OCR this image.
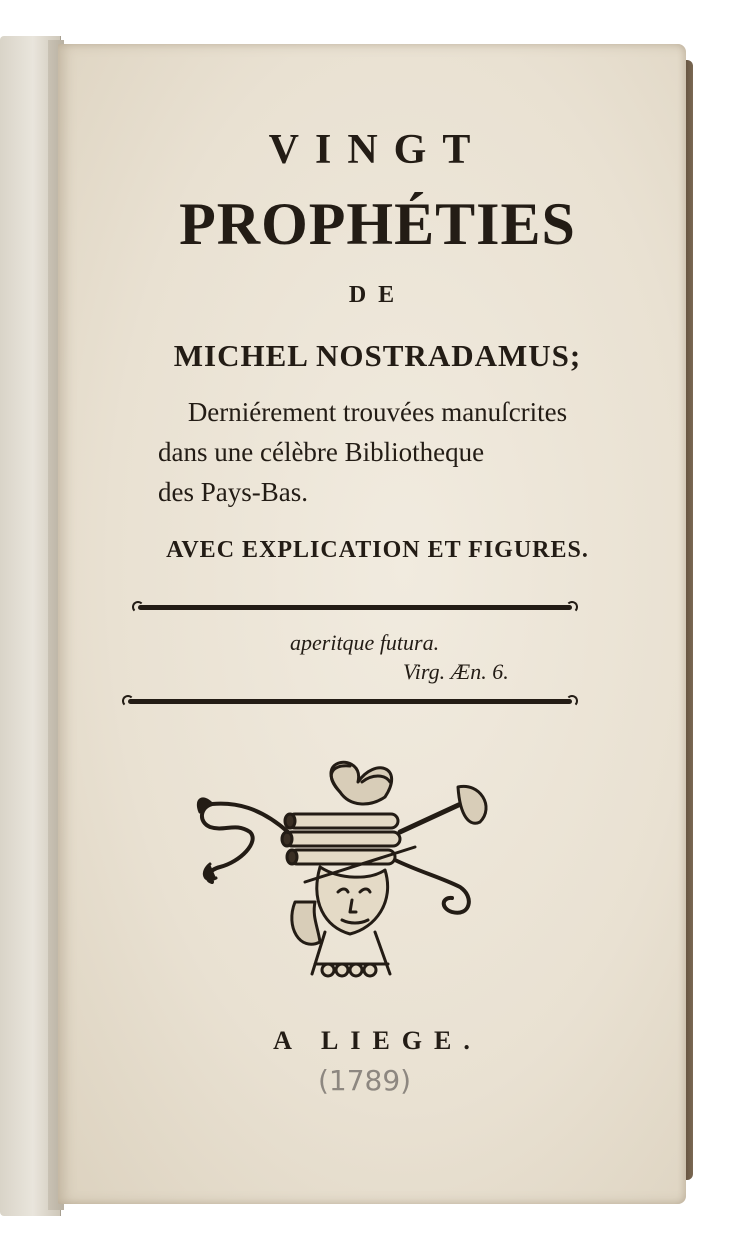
VINGT

PROPHÉTIES

DE

MICHEL NOSTRADAMUS;

Derniérement trouvées manuſcrites

dans une célèbre Bibliotheque

des Pays-Bas.

AVEC EXPLICATION ET FIGURES.

aperitque futura.

Virg. Æn. 6.

A LIEGE.

(1789)
